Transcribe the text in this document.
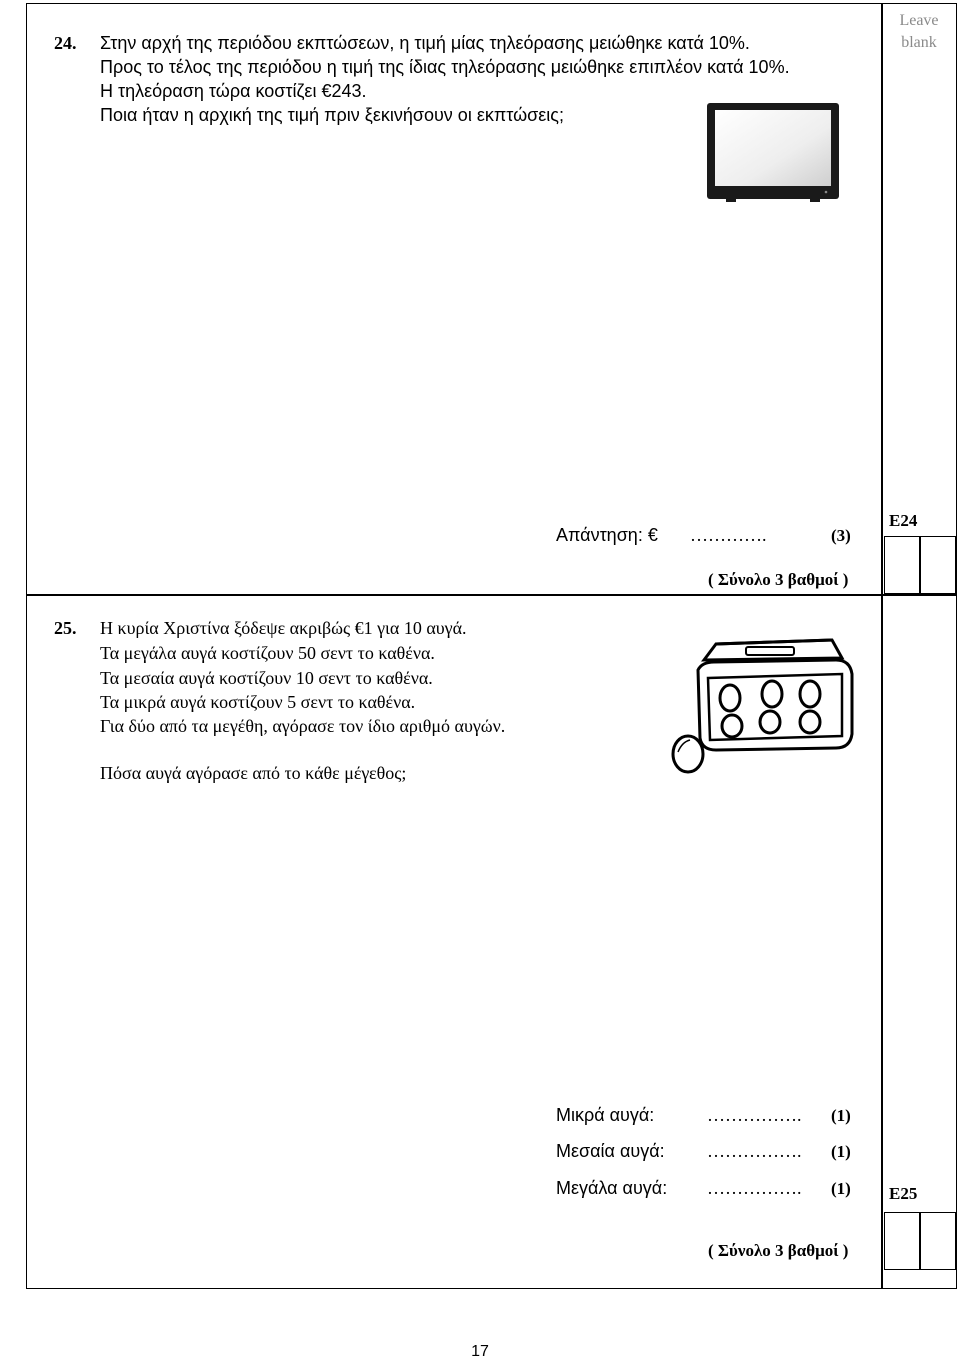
Leave blank
24. Στην αρχή της περιόδου εκπτώσεων, η τιμή μίας τηλεόρασης μειώθηκε κατά 10%.
Προς το τέλος της περιόδου η τιμή της ίδιας τηλεόρασης μειώθηκε επιπλέον κατά 10%.
Η τηλεόραση τώρα κοστίζει €243.
Ποια ήταν η αρχική της τιμή πριν ξεκινήσουν οι εκπτώσεις;
Απάντηση: € ………….	(3)
( Σύνολο 3 βαθμοί )
E24
25. Η κυρία Χριστίνα ξόδεψε ακριβώς €1 για 10 αυγά.
Τα μεγάλα αυγά κοστίζουν 50 σεντ το καθένα.
Τα μεσαία αυγά κοστίζουν 10 σεντ το καθένα.
Τα μικρά αυγά κοστίζουν 5 σεντ το καθένα.
Για δύο από τα μεγέθη, αγόρασε τον ίδιο αριθμό αυγών.
Πόσα αυγά αγόρασε από το κάθε μέγεθος;
Μικρά αυγά:	……………. (1)
Μεσαία αυγά: ……………. (1)
Μεγάλα αυγά: ……………. (1) E25
( Σύνολο 3 βαθμοί )
17
